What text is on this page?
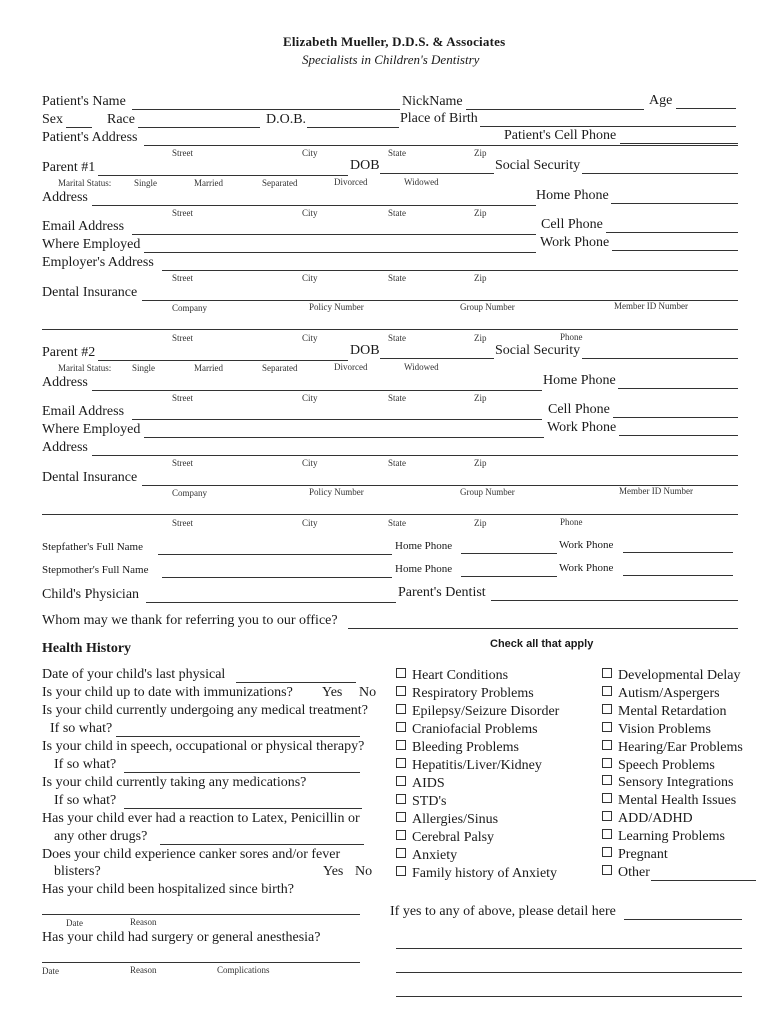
Elizabeth Mueller, D.D.S. & Associates
Specialists in Children's Dentistry
Patient's Name	NickName	Age
Sex	Race	D.O.B.	Place of Birth
Patient's Address	Patient's Cell Phone
Street	City	State	Zip
Parent #1	DOB	Social Security
Marital Status:	Single	Married	Separated	Divorced	Widowed
Address	Home Phone
Street	City	State	Zip
Email Address	Cell Phone
Where Employed	Work Phone
Employer's Address
Street	City	State	Zip
Dental Insurance
Company	Policy Number	Group Number	Member ID Number
Street	City	State	Zip	Phone
Parent #2	DOB	Social Security
Marital Status: Single	Married	Separated	Divorced	Widowed
Address	Home Phone
Street	City	State	Zip
Email Address	Cell Phone
Where Employed	Work Phone
Address
Street	City	State	Zip
Dental Insurance
Company	Policy Number	Group Number	Member ID Number
Street	City	State	Zip	Phone
Stepfather's Full Name	Home Phone	Work Phone
Stepmother's Full Name	Home Phone	Work Phone
Child's Physician	Parent's Dentist
Whom may we thank for referring you to our office?
Health History	Check all that apply
Date of your child's last physical
Is your child up to date with immunizations? Yes No
Is your child currently undergoing any medical treatment?
If so what?
Is your child in speech, occupational or physical therapy?
If so what?
Is your child currently taking any medications?
If so what?
Has your child ever had a reaction to Latex, Penicillin or
any other drugs?
Does your child experience canker sores and/or fever
blisters?	Yes No
Has your child been hospitalized since birth?
Date	Reason
Has your child had surgery or general anesthesia?
Date	Reason	Complications
Heart Conditions
Respiratory Problems
Epilepsy/Seizure Disorder
Craniofacial Problems
Bleeding Problems
Hepatitis/Liver/Kidney
AIDS
STD's
Allergies/Sinus
Cerebral Palsy
Anxiety
Family history of Anxiety
Developmental Delay
Autism/Aspergers
Mental Retardation
Vision Problems
Hearing/Ear Problems
Speech Problems
Sensory Integrations
Mental Health Issues
ADD/ADHD
Learning Problems
Pregnant
Other
If yes to any of above, please detail here
